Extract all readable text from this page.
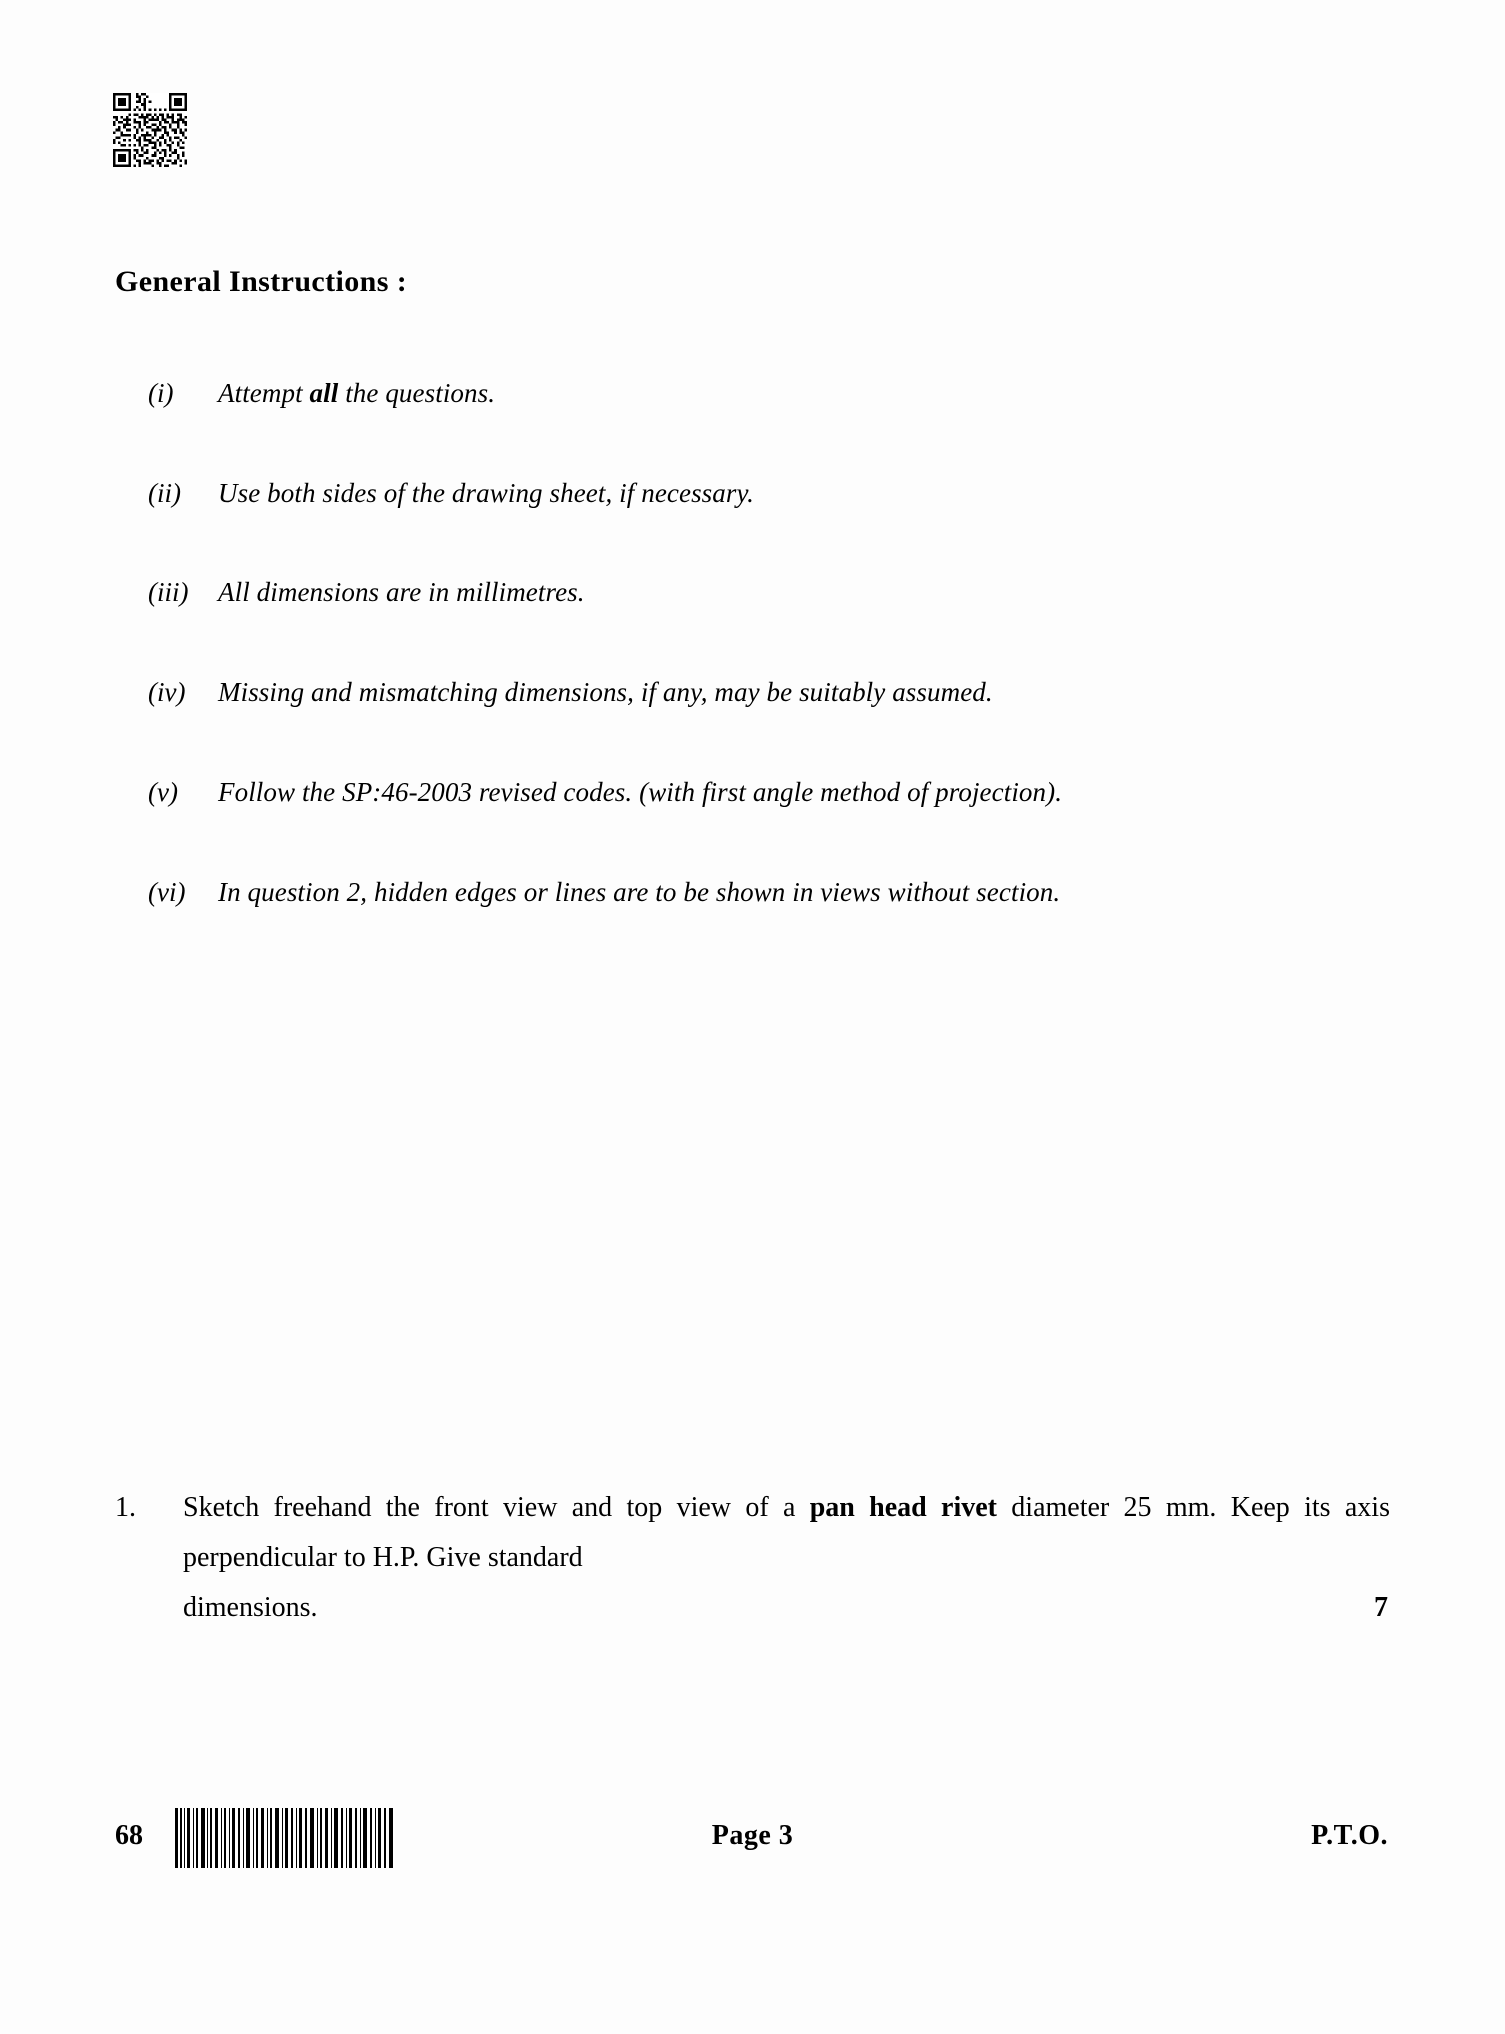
General Instructions :
(i)	Attempt all the questions.
(ii)	Use both sides of the drawing sheet, if necessary.
(iii)	All dimensions are in millimetres.
(iv)	Missing and mismatching dimensions, if any, may be suitably assumed.
(v)	Follow the SP:46-2003 revised codes. (with first angle method of projection).
(vi)	In question 2, hidden edges or lines are to be shown in views without section.
1.	Sketch freehand the front view and top view of a pan head rivet diameter 25 mm. Keep its axis perpendicular to H.P. Give standard
dimensions.	7
68	Page 3	P.T.O.
